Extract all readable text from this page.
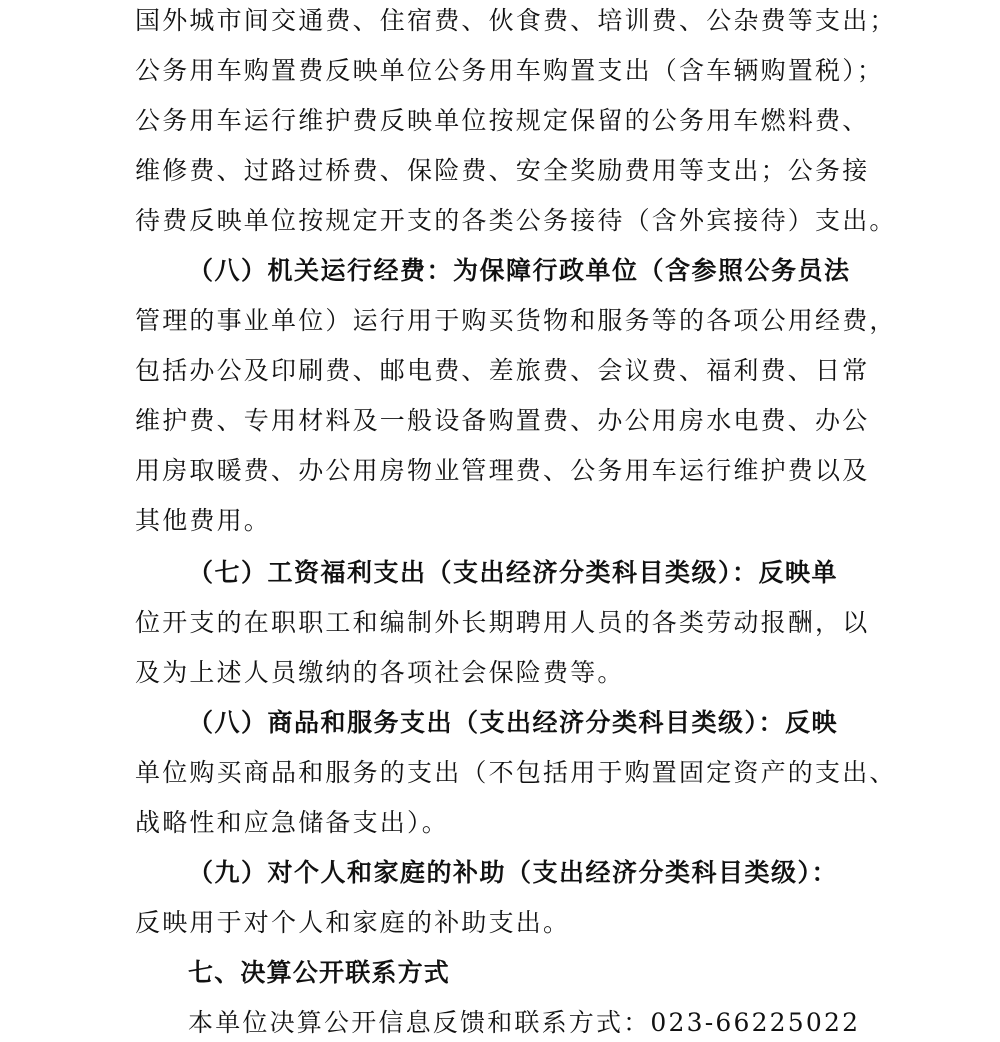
国外城市间交通费、住宿费、伙食费、培训费、公杂费等支出；
公务用车购置费反映单位公务用车购置支出（含车辆购置税）；
公务用车运行维护费反映单位按规定保留的公务用车燃料费、
维修费、过路过桥费、保险费、安全奖励费用等支出；公务接
待费反映单位按规定开支的各类公务接待（含外宾接待）支出。
（八）机关运行经费：为保障行政单位（含参照公务员法
管理的事业单位）运行用于购买货物和服务等的各项公用经费，
包括办公及印刷费、邮电费、差旅费、会议费、福利费、日常
维护费、专用材料及一般设备购置费、办公用房水电费、办公
用房取暖费、办公用房物业管理费、公务用车运行维护费以及
其他费用。
（七）工资福利支出（支出经济分类科目类级）：反映单
位开支的在职职工和编制外长期聘用人员的各类劳动报酬，以
及为上述人员缴纳的各项社会保险费等。
（八）商品和服务支出（支出经济分类科目类级）：反映
单位购买商品和服务的支出（不包括用于购置固定资产的支出、
战略性和应急储备支出）。
（九）对个人和家庭的补助（支出经济分类科目类级）：
反映用于对个人和家庭的补助支出。
七、决算公开联系方式
本单位决算公开信息反馈和联系方式：023-66225022
